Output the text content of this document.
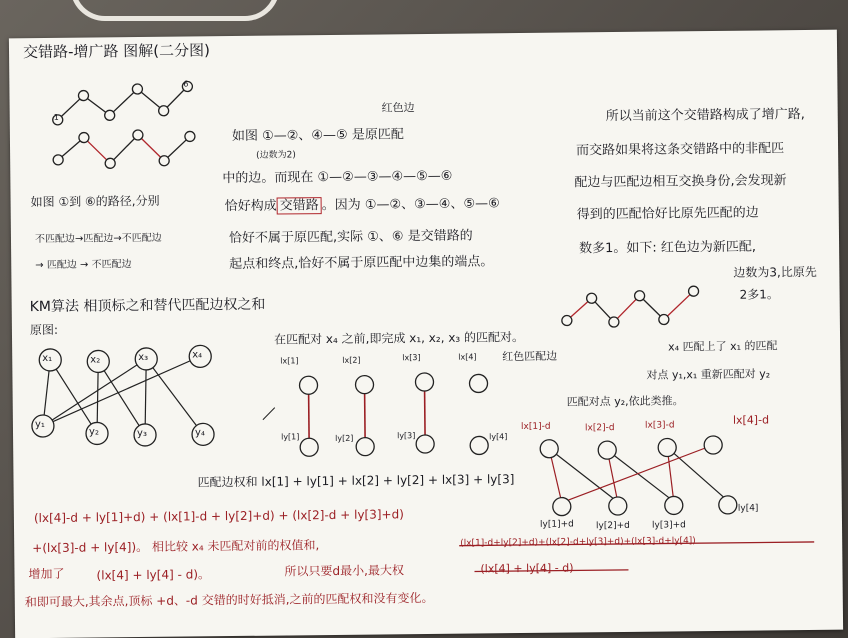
1
6
交错路-增广路 图解(二分图)
如图 ①到 ⑥的路径,分别
不匹配边→匹配边→不匹配边
→ 匹配边 → 不匹配边
红色边
如图 ①—②、④—⑤ 是原匹配
(边数为2)
中的边。而现在 ①—②—③—④—⑤—⑥
恰好构成 交错路 。因为 ①—②、③—④、⑤—⑥
恰好不属于原匹配,实际 ①、⑥ 是交错路的
起点和终点,恰好不属于原匹配中边集的端点。
所以当前这个交错路构成了增广路,
而交路如果将这条交错路中的非配匹
配边与匹配边相互交换身份,会发现新
得到的匹配恰好比原先匹配的边
数多1。如下: 红色边为新匹配,
边数为3,比原先
2多1。
KM算法 相顶标之和替代匹配边权之和
原图:
x₁	x₂	x₃	x₄
y₁
y₂	y₃	y₄
在匹配对 x₄ 之前,即完成 x₁, x₂, x₃ 的匹配对。
lx[1]	lx[2]	lx[3]	lx[4]
ly[1]	ly[2]	ly[3]	ly[4]
红色匹配边
匹配边权和 lx[1] + ly[1] + lx[2] + ly[2] + lx[3] + ly[3]
x₄ 匹配上了 x₁ 的匹配
对点 y₁,x₁ 重新匹配对 y₂
匹配对点 y₂,依此类推。
lx[1]-d	lx[2]-d	lx[3]-d	lx[4]-d
ly[1]+d ly[2]+d ly[3]+d
ly[4]
(lx[4]-d + ly[1]+d) + (lx[1]-d + ly[2]+d) + (lx[2]-d + ly[3]+d)
+(lx[3]-d + ly[4])。 相比较 x₄ 未匹配对前的权值和,	(lx[1]-d+ly[2]+d)+(lx[2]-d+ly[3]+d)+(lx[3]-d+ly[4])
增加了	(lx[4] + ly[4] - d)。	所以只要d最小,最大权	(lx[4] + ly[4] - d)
和即可最大,其余点,顶标 +d、-d 交错的时好抵消,之前的匹配权和没有变化。
